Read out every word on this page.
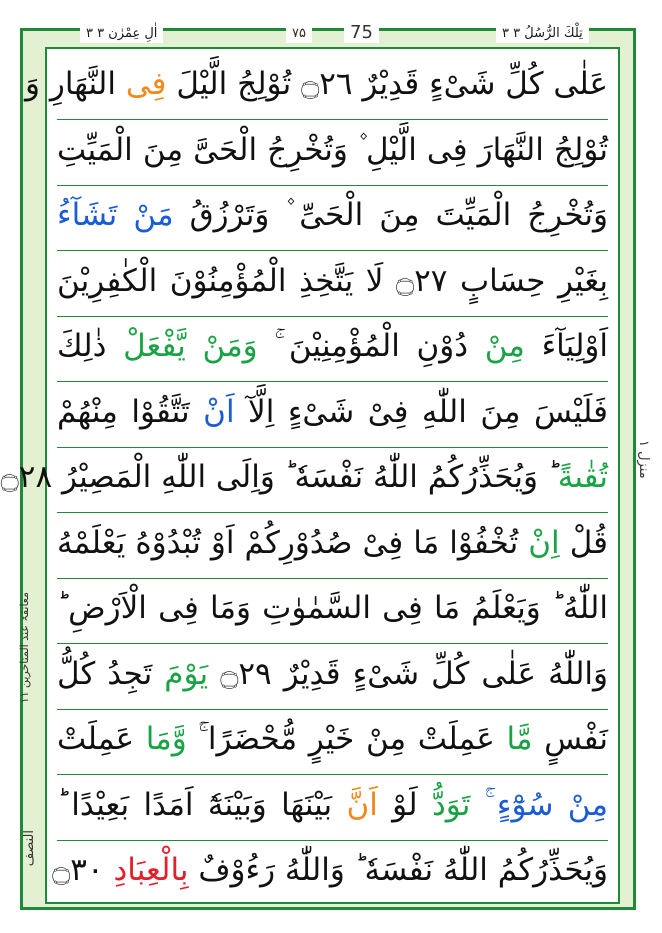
۳ اٰلِ عِمْرٰن ۳	۷۵	75	۳ تِلْكَ الرُّسُلُ ۳
منزل ۱
معانقۃ عند المتاخرین ۱۱
النصف
عَلٰی كُلِّ شَیْءٍ قَدِیْرٌ ۝٢٦ تُوْلِجُ الَّیْلَ فِی النَّهَارِ وَ
تُوْلِجُ النَّهَارَ فِی الَّیْلِ ۫ وَتُخْرِجُ الْحَیَّ مِنَ الْمَیِّتِ
وَتُخْرِجُ الْمَیِّتَ مِنَ الْحَیِّ ۫ وَتَرْزُقُ مَنْ تَشَآءُ
بِغَیْرِ حِسَابٍ ۝٢٧ لَا یَتَّخِذِ الْمُؤْمِنُوْنَ الْكٰفِرِیْنَ
اَوْلِیَآءَ مِنْ دُوْنِ الْمُؤْمِنِیْنَ ۚ وَمَنْ یَّفْعَلْ ذٰلِكَ
فَلَیْسَ مِنَ اللّٰهِ فِیْ شَیْءٍ اِلَّآ اَنْ تَتَّقُوْا مِنْهُمْ
تُقٰىةً ؕ وَیُحَذِّرُكُمُ اللّٰهُ نَفْسَهٗ ؕ وَاِلَی اللّٰهِ الْمَصِیْرُ ۝٢٨
قُلْ اِنْ تُخْفُوْا مَا فِیْ صُدُوْرِكُمْ اَوْ تُبْدُوْهُ یَعْلَمْهُ
اللّٰهُ ؕ وَیَعْلَمُ مَا فِی السَّمٰوٰتِ وَمَا فِی الْاَرْضِ ؕ
وَاللّٰهُ عَلٰی كُلِّ شَیْءٍ قَدِیْرٌ ۝٢٩ یَوْمَ تَجِدُ كُلُّ
نَفْسٍ مَّا عَمِلَتْ مِنْ خَیْرٍ مُّحْضَرًا ۚۛ وَّمَا عَمِلَتْ
مِنْ سُوْٓءٍ ۚۛ تَوَدُّ لَوْ اَنَّ بَیْنَهَا وَبَیْنَهٗٓ اَمَدًا بَعِیْدًا ؕ
وَیُحَذِّرُكُمُ اللّٰهُ نَفْسَهٗ ؕ وَاللّٰهُ رَءُوْفٌ بِالْعِبَادِ ۝٣٠
